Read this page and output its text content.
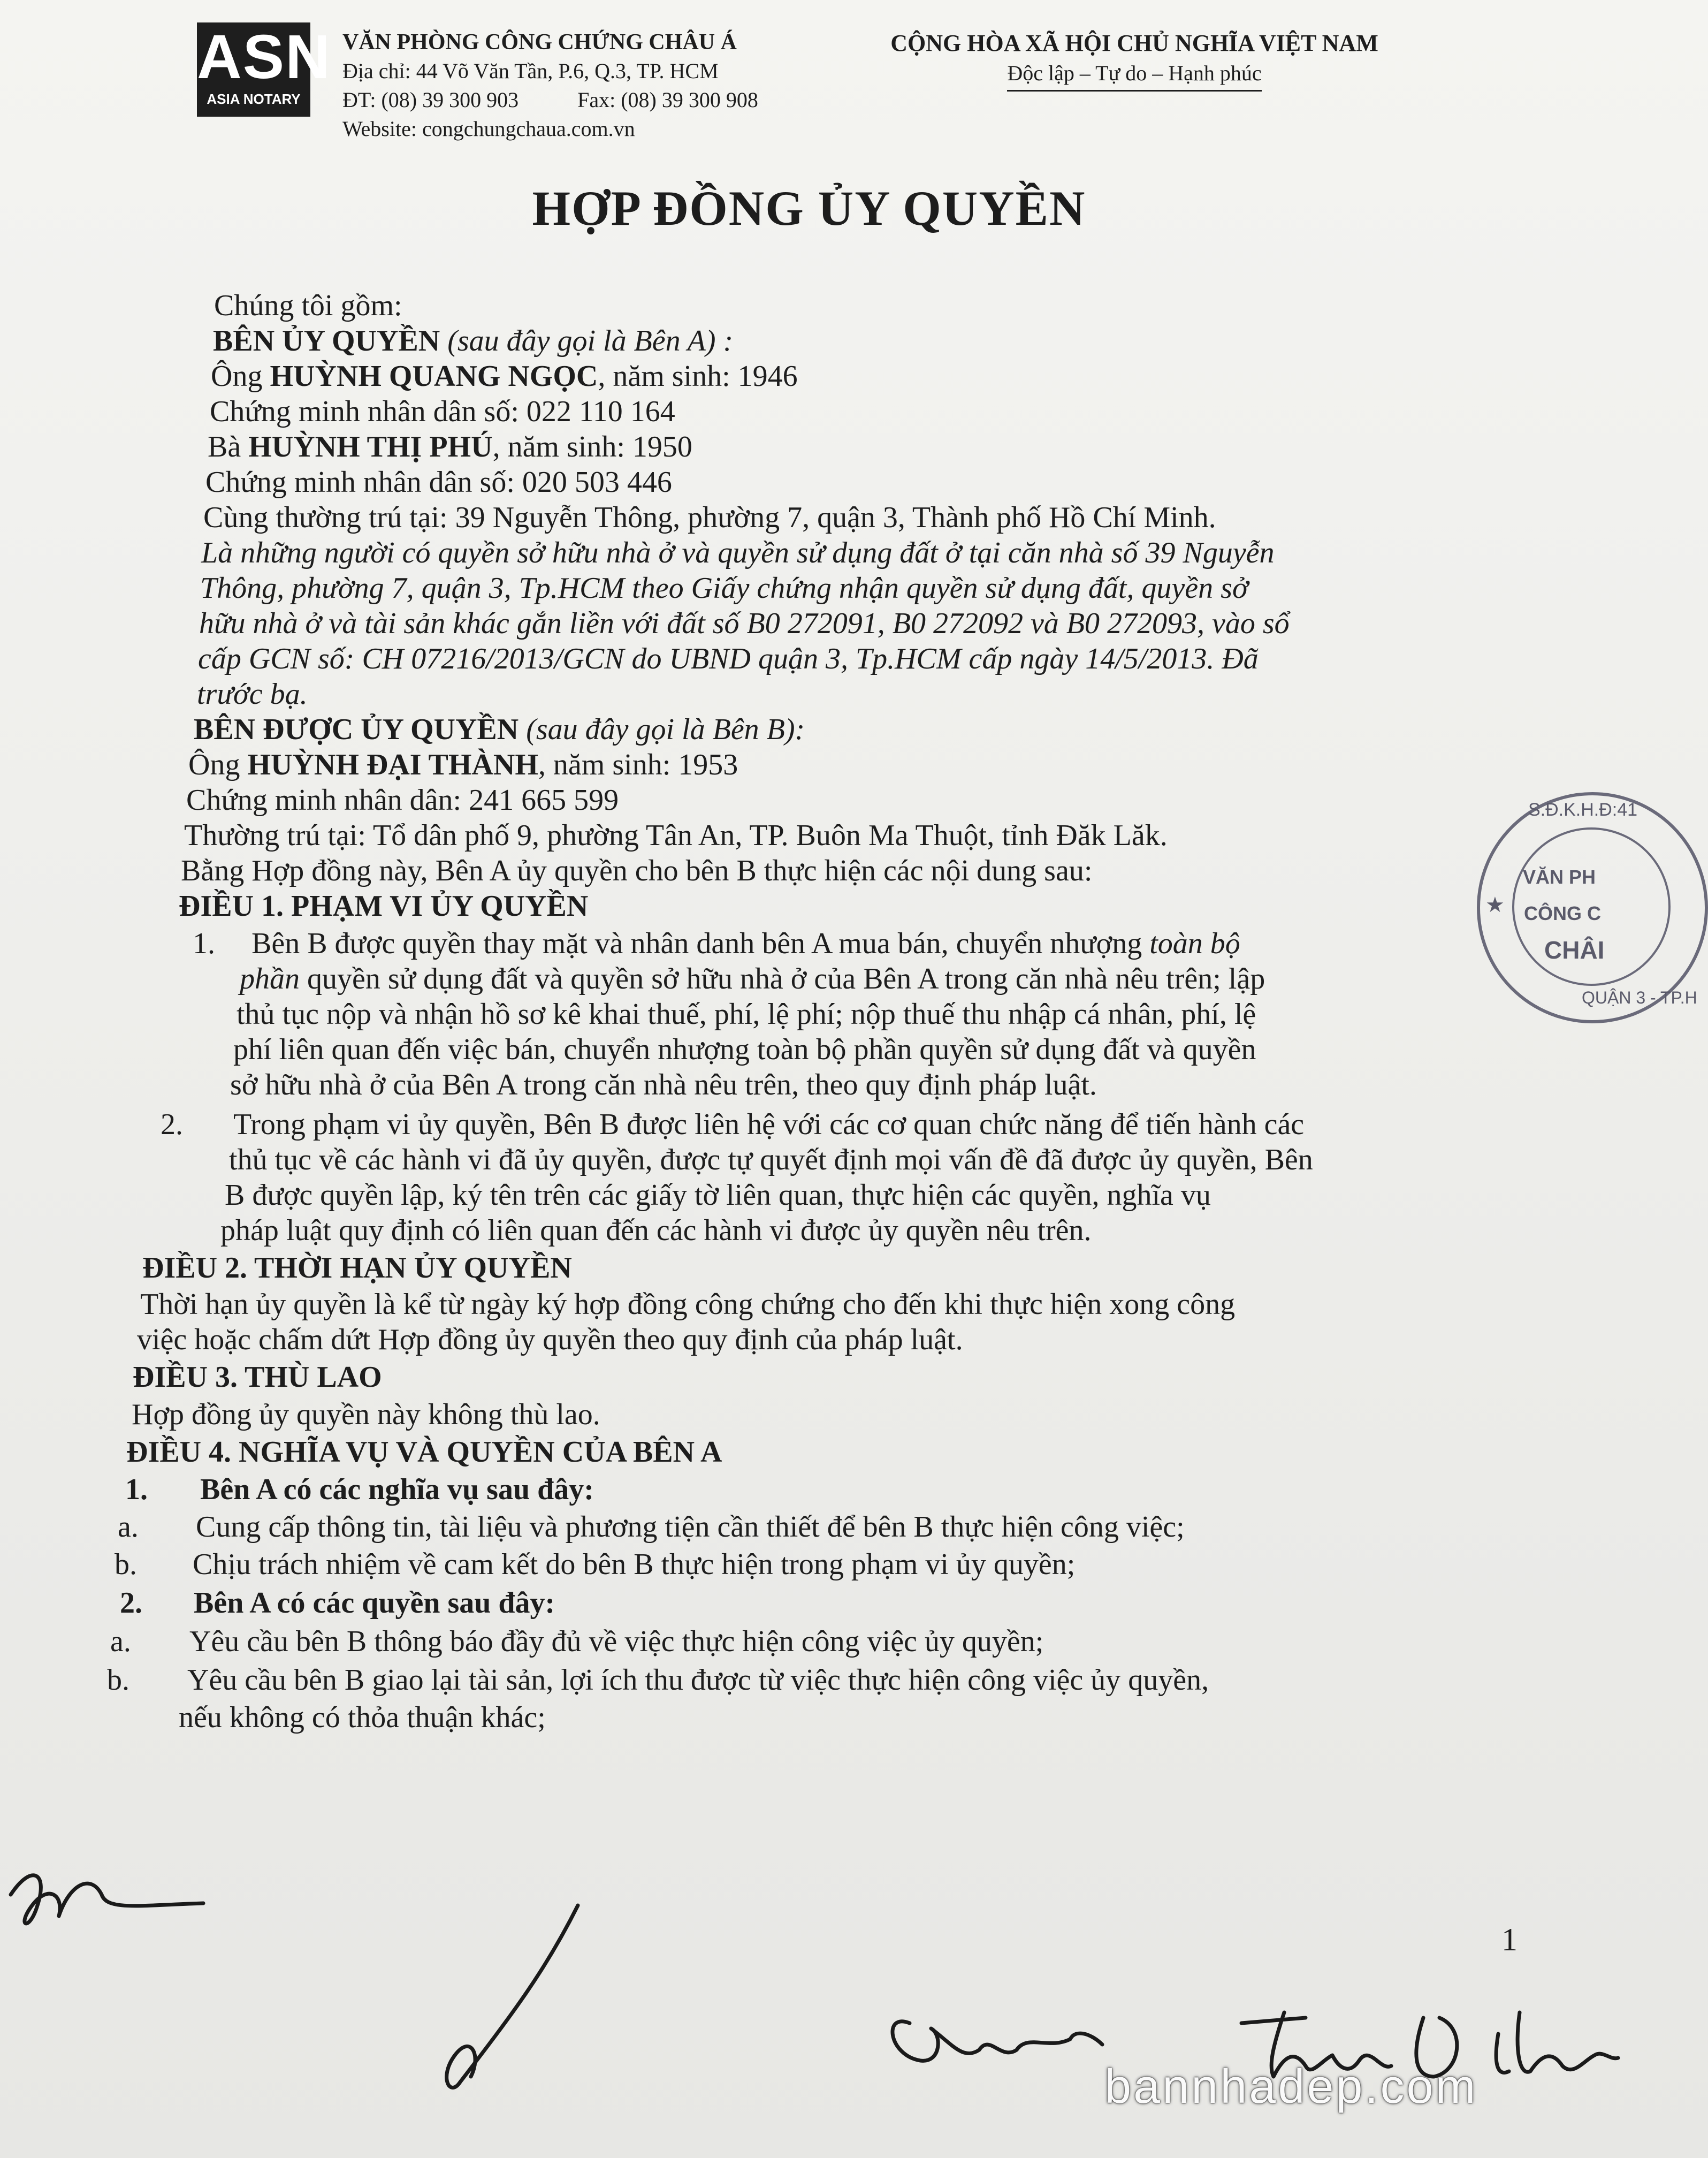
ASN
ASIA NOTARY
VĂN PHÒNG CÔNG CHỨNG CHÂU Á
Địa chỉ: 44 Võ Văn Tần, P.6, Q.3, TP. HCM
ĐT: (08) 39 300 903	Fax: (08) 39 300 908
Website: congchungchaua.com.vn
CỘNG HÒA XÃ HỘI CHỦ NGHĨA VIỆT NAM
Độc lập – Tự do – Hạnh phúc
HỢP ĐỒNG ỦY QUYỀN
Chúng tôi gồm:
BÊN ỦY QUYỀN (sau đây gọi là Bên A) :
Ông HUỲNH QUANG NGỌC, năm sinh: 1946
Chứng minh nhân dân số: 022 110 164
Bà HUỲNH THỊ PHÚ, năm sinh: 1950
Chứng minh nhân dân số: 020 503 446
Cùng thường trú tại: 39 Nguyễn Thông, phường 7, quận 3, Thành phố Hồ Chí Minh.
Là những người có quyền sở hữu nhà ở và quyền sử dụng đất ở tại căn nhà số 39 Nguyễn
Thông, phường 7, quận 3, Tp.HCM theo Giấy chứng nhận quyền sử dụng đất, quyền sở
hữu nhà ở và tài sản khác gắn liền với đất số B0 272091, B0 272092 và B0 272093, vào sổ
cấp GCN số: CH 07216/2013/GCN do UBND quận 3, Tp.HCM cấp ngày 14/5/2013. Đã
trước bạ.
BÊN ĐƯỢC ỦY QUYỀN (sau đây gọi là Bên B):
Ông HUỲNH ĐẠI THÀNH, năm sinh: 1953
Chứng minh nhân dân: 241 665 599
Thường trú tại: Tổ dân phố 9, phường Tân An, TP. Buôn Ma Thuột, tỉnh Đăk Lăk.
Bằng Hợp đồng này, Bên A ủy quyền cho bên B thực hiện các nội dung sau:
ĐIỀU 1. PHẠM VI ỦY QUYỀN
1. Bên B được quyền thay mặt và nhân danh bên A mua bán, chuyển nhượng toàn bộ
phần quyền sử dụng đất và quyền sở hữu nhà ở của Bên A trong căn nhà nêu trên; lập
thủ tục nộp và nhận hồ sơ kê khai thuế, phí, lệ phí; nộp thuế thu nhập cá nhân, phí, lệ
phí liên quan đến việc bán, chuyển nhượng toàn bộ phần quyền sử dụng đất và quyền
sở hữu nhà ở của Bên A trong căn nhà nêu trên, theo quy định pháp luật.
2. Trong phạm vi ủy quyền, Bên B được liên hệ với các cơ quan chức năng để tiến hành các
thủ tục về các hành vi đã ủy quyền, được tự quyết định mọi vấn đề đã được ủy quyền, Bên
B được quyền lập, ký tên trên các giấy tờ liên quan, thực hiện các quyền, nghĩa vụ
pháp luật quy định có liên quan đến các hành vi được ủy quyền nêu trên.
ĐIỀU 2. THỜI HẠN ỦY QUYỀN
Thời hạn ủy quyền là kể từ ngày ký hợp đồng công chứng cho đến khi thực hiện xong công
việc hoặc chấm dứt Hợp đồng ủy quyền theo quy định của pháp luật.
ĐIỀU 3. THÙ LAO
Hợp đồng ủy quyền này không thù lao.
ĐIỀU 4. NGHĨA VỤ VÀ QUYỀN CỦA BÊN A
1. Bên A có các nghĩa vụ sau đây:
a. Cung cấp thông tin, tài liệu và phương tiện cần thiết để bên B thực hiện công việc;
b. Chịu trách nhiệm về cam kết do bên B thực hiện trong phạm vi ủy quyền;
2. Bên A có các quyền sau đây:
a. Yêu cầu bên B thông báo đầy đủ về việc thực hiện công việc ủy quyền;
b. Yêu cầu bên B giao lại tài sản, lợi ích thu được từ việc thực hiện công việc ủy quyền,
nếu không có thỏa thuận khác;
S.Đ.K.H.Đ:41
★
VĂN PH
CÔNG C
CHÂI
QUẬN 3 - TP.H
1
bannhadep.com
